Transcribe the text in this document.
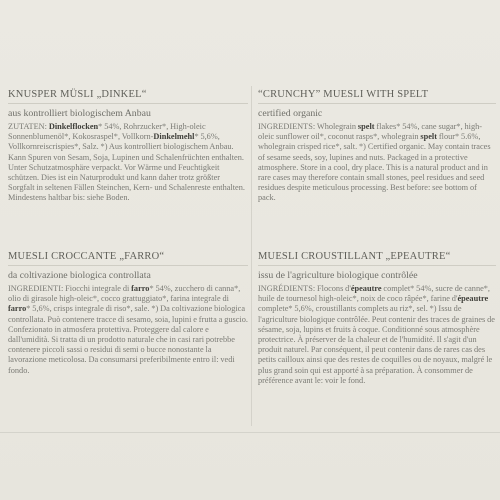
KNUSPER MÜSLI „DINKEL“

aus kontrolliert biologischem Anbau

ZUTATEN: Dinkelflocken* 54%, Rohrzucker*, High-oleic Sonnenblumenöl*, Kokosraspel*, Vollkorn-Dinkelmehl* 5,6%, Vollkornreiscrispies*, Salz. *) Aus kontrolliert biologischem Anbau. Kann Spuren von Sesam, Soja, Lupinen und Schalenfrüchten enthalten. Unter Schutzatmosphäre verpackt. Vor Wärme und Feuchtigkeit schützen. Dies ist ein Naturprodukt und kann daher trotz größter Sorgfalt in seltenen Fällen Steinchen, Kern- und Schalenreste enthalten. Mindestens haltbar bis: siehe Boden.

“CRUNCHY” MUESLI WITH SPELT

certified organic

INGREDIENTS: Wholegrain spelt flakes* 54%, cane sugar*, high-oleic sunflower oil*, coconut rasps*, wholegrain spelt flour* 5.6%, wholegrain crisped rice*, salt. *) Certified organic. May contain traces of sesame seeds, soy, lupines and nuts. Packaged in a protective atmosphere. Store in a cool, dry place. This is a natural product and in rare cases may therefore contain small stones, peel residues and seed residues despite meticulous processing. Best before: see bottom of pack.

MUESLI CROCCANTE „FARRO“

da coltivazione biologica controllata

INGREDIENTI: Fiocchi integrale di farro* 54%, zucchero di canna*, olio di girasole high-oleic*, cocco grattuggiato*, farina integrale di farro* 5,6%, crisps integrale di riso*, sale. *) Da coltivazione biologica controllata. Può contenere tracce di sesamo, soia, lupini e frutta a guscio. Confezionato in atmosfera protettiva. Proteggere dal calore e dall'umidità. Si tratta di un prodotto naturale che in casi rari potrebbe contenere piccoli sassi o residui di semi o bucce nonostante la lavorazione meticolosa. Da consumarsi preferibilmente entro il: vedi fondo.

MUESLI CROUSTILLANT „EPEAUTRE“

issu de l'agriculture biologique contrôlée

INGRÉDIENTS: Flocons d'épeautre complet* 54%, sucre de canne*, huile de tournesol high-oleic*, noix de coco râpée*, farine d'épeautre complete* 5,6%, croustillants complets au riz*, sel. *) Issu de l'agriculture biologique contrôlée. Peut contenir des traces de graines de sésame, soja, lupins et fruits à coque. Conditionné sous atmosphère protectrice. À préserver de la chaleur et de l'humidité. Il s'agit d'un produit naturel. Par conséquent, il peut contenir dans de rares cas des petits cailloux ainsi que des restes de coquilles ou de noyaux, malgré le plus grand soin qui est apporté à sa préparation. À consommer de préférence avant le: voir le fond.
